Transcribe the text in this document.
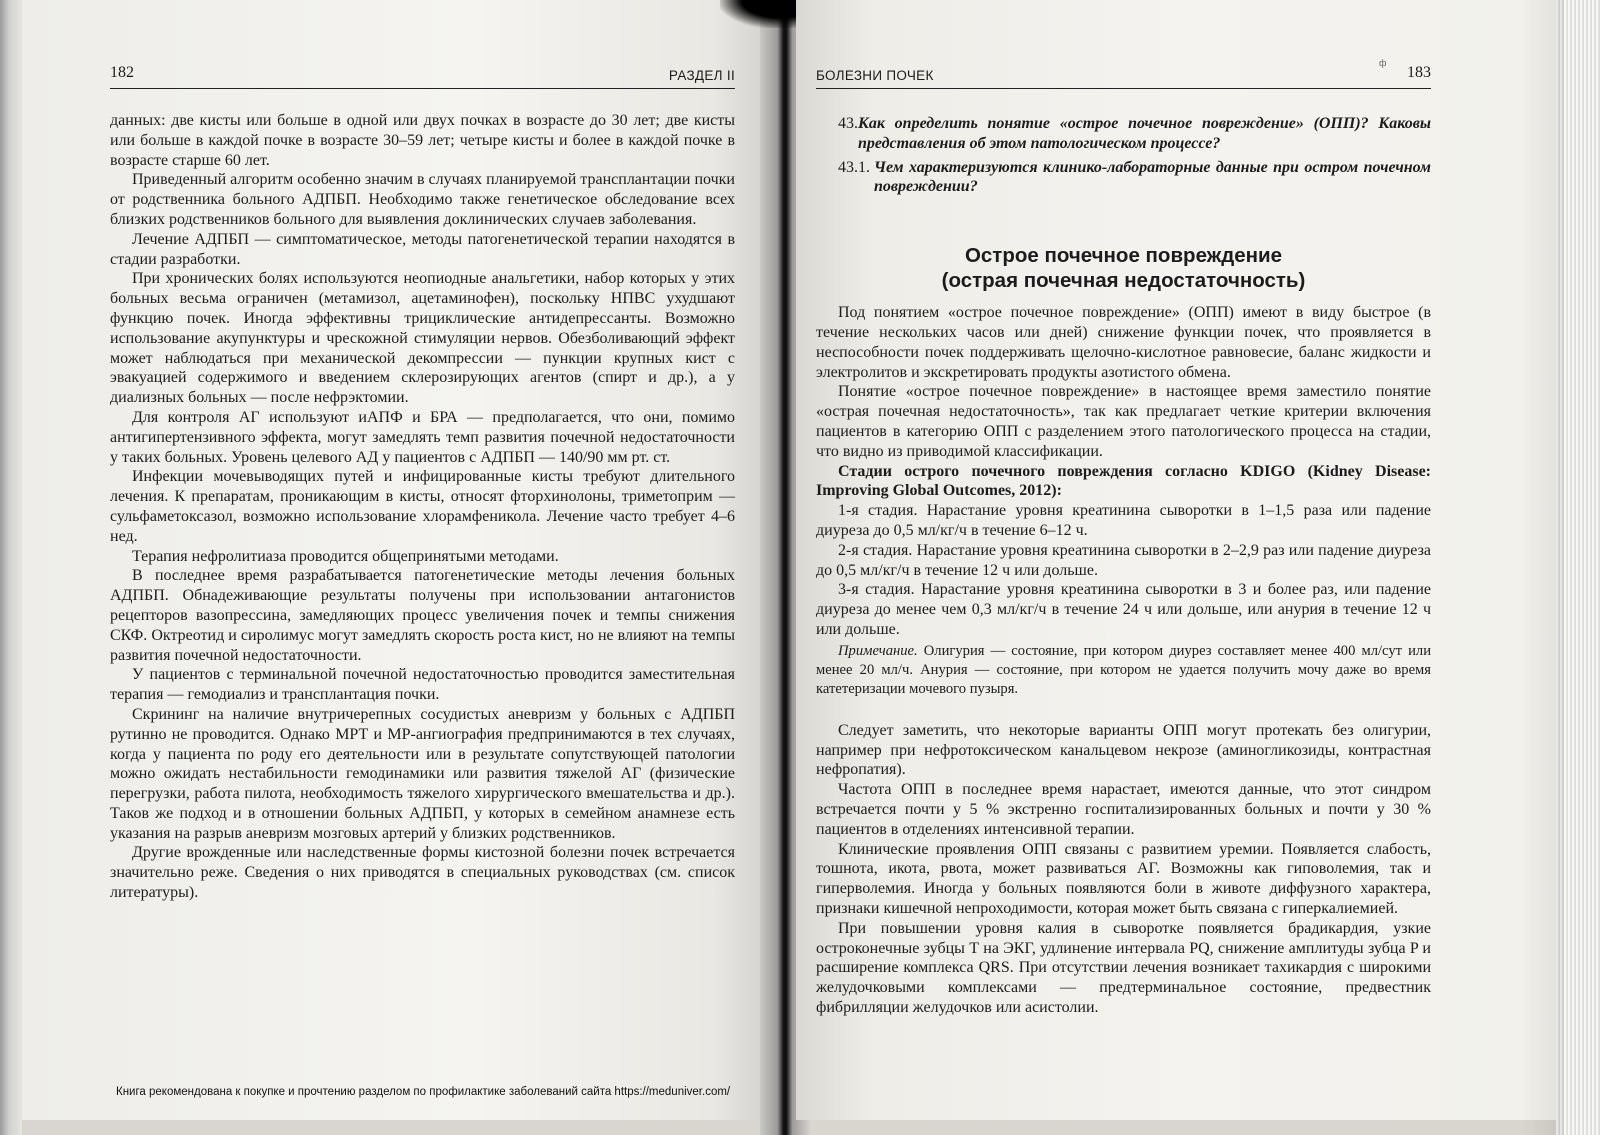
182	РАЗДЕЛ II

данных: две кисты или больше в одной или двух почках в возрасте до 30 лет; две кисты или больше в каждой почке в возрасте 30–59 лет; четыре кисты и более в каждой почке в возрасте старше 60 лет.

Приведенный алгоритм особенно значим в случаях планируемой трансплантации почки от родственника больного АДПБП. Необходимо также генетическое обследование всех близких родственников больного для выявления доклинических случаев заболевания.

Лечение АДПБП — симптоматическое, методы патогенетической терапии находятся в стадии разработки.

При хронических болях используются неопиодные анальгетики, набор которых у этих больных весьма ограничен (метамизол, ацетаминофен), поскольку НПВС ухудшают функцию почек. Иногда эффективны трициклические антидепрессанты. Возможно использование акупунктуры и чрескожной стимуляции нервов. Обезболивающий эффект может наблюдаться при механической декомпрессии — пункции крупных кист с эвакуацией содержимого и введением склерозирующих агентов (спирт и др.), а у диализных больных — после нефрэктомии.

Для контроля АГ используют иАПФ и БРА — предполагается, что они, помимо антигипертензивного эффекта, могут замедлять темп развития почечной недостаточности у таких больных. Уровень целевого АД у пациентов с АДПБП — 140/90 мм рт. ст.

Инфекции мочевыводящих путей и инфицированные кисты требуют длительного лечения. К препаратам, проникающим в кисты, относят фторхинолоны, триметоприм — сульфаметоксазол, возможно использование хлорамфеникола. Лечение часто требует 4–6 нед.

Терапия нефролитиаза проводится общепринятыми методами.

В последнее время разрабатывается патогенетические методы лечения больных АДПБП. Обнадеживающие результаты получены при использовании антагонистов рецепторов вазопрессина, замедляющих процесс увеличения почек и темпы снижения СКФ. Октреотид и сиролимус могут замедлять скорость роста кист, но не влияют на темпы развития почечной недостаточности.

У пациентов с терминальной почечной недостаточностью проводится заместительная терапия — гемодиализ и трансплантация почки.

Скрининг на наличие внутричерепных сосудистых аневризм у больных с АДПБП рутинно не проводится. Однако МРТ и МР-ангиография предпринимаются в тех случаях, когда у пациента по роду его деятельности или в результате сопутствующей патологии можно ожидать нестабильности гемодинамики или развития тяжелой АГ (физические перегрузки, работа пилота, необходимость тяжелого хирургического вмешательства и др.). Таков же подход и в отношении больных АДПБП, у которых в семейном анамнезе есть указания на разрыв аневризм мозговых артерий у близких родственников.

Другие врожденные или наследственные формы кистозной болезни почек встречается значительно реже. Сведения о них приводятся в специальных руководствах (см. список литературы).

БОЛЕЗНИ ПОЧЕК	183
ф

43. Как определить понятие «острое почечное повреждение» (ОПП)? Каковы представления об этом патологическом процессе?

43.1. Чем характеризуются клинико-лабораторные данные при остром почечном повреждении?

Острое почечное повреждение
(острая почечная недостаточность)

Под понятием «острое почечное повреждение» (ОПП) имеют в виду быстрое (в течение нескольких часов или дней) снижение функции почек, что проявляется в неспособности почек поддерживать щелочно-кислотное равновесие, баланс жидкости и электролитов и экскретировать продукты азотистого обмена.

Понятие «острое почечное повреждение» в настоящее время заместило понятие «острая почечная недостаточность», так как предлагает четкие критерии включения пациентов в категорию ОПП с разделением этого патологического процесса на стадии, что видно из приводимой классификации.

Стадии острого почечного повреждения согласно KDIGO (Kidney Disease: Improving Global Outcomes, 2012):

1-я стадия. Нарастание уровня креатинина сыворотки в 1–1,5 раза или падение диуреза до 0,5 мл/кг/ч в течение 6–12 ч.

2-я стадия. Нарастание уровня креатинина сыворотки в 2–2,9 раз или падение диуреза до 0,5 мл/кг/ч в течение 12 ч или дольше.

3-я стадия. Нарастание уровня креатинина сыворотки в 3 и более раз, или падение диуреза до менее чем 0,3 мл/кг/ч в течение 24 ч или дольше, или анурия в течение 12 ч или дольше.

Примечание. Олигурия — состояние, при котором диурез составляет менее 400 мл/сут или менее 20 мл/ч. Анурия — состояние, при котором не удается получить мочу даже во время катетеризации мочевого пузыря.

Следует заметить, что некоторые варианты ОПП могут протекать без олигурии, например при нефротоксическом канальцевом некрозе (аминогликозиды, контрастная нефропатия).

Частота ОПП в последнее время нарастает, имеются данные, что этот синдром встречается почти у 5 % экстренно госпитализированных больных и почти у 30 % пациентов в отделениях интенсивной терапии.

Клинические проявления ОПП связаны с развитием уремии. Появляется слабость, тошнота, икота, рвота, может развиваться АГ. Возможны как гиповолемия, так и гиперволемия. Иногда у больных появляются боли в животе диффузного характера, признаки кишечной непроходимости, которая может быть связана с гиперкалиемией.

При повышении уровня калия в сыворотке появляется брадикардия, узкие остроконечные зубцы Т на ЭКГ, удлинение интервала PQ, снижение амплитуды зубца P и расширение комплекса QRS. При отсутствии лечения возникает тахикардия с широкими желудочковыми комплексами — предтерминальное состояние, предвестник фибрилляции желудочков или асистолии.

Книга рекомендована к покупке и прочтению разделом по профилактике заболеваний сайта https://meduniver.com/
